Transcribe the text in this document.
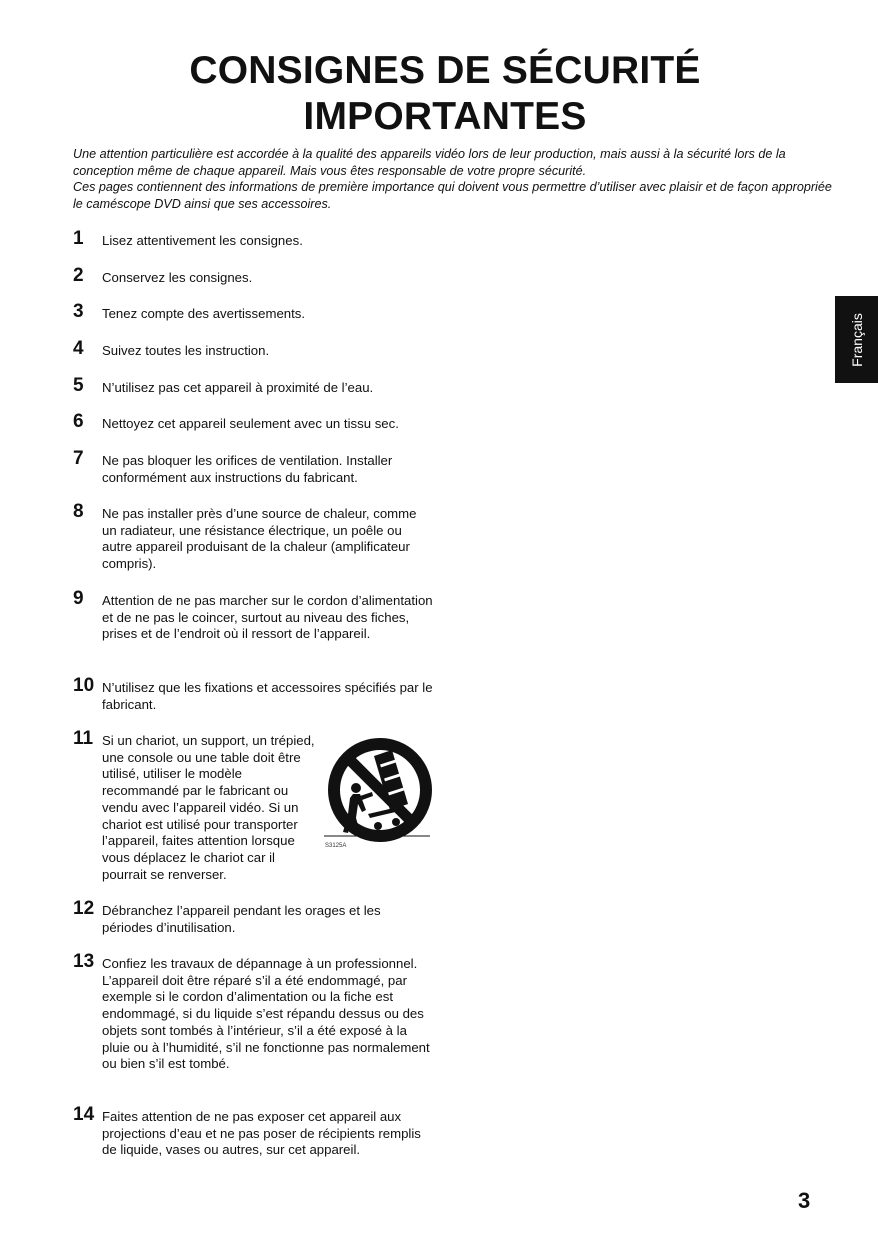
CONSIGNES DE SÉCURITÉ
IMPORTANTES

Une attention particulière est accordée à la qualité des appareils vidéo lors de leur production, mais aussi à la sécurité lors de la conception même de chaque appareil. Mais vous êtes responsable de votre propre sécurité.

Ces pages contiennent des informations de première importance qui doivent vous permettre d’utiliser avec plaisir et de façon appropriée le caméscope DVD ainsi que ses accessoires.

1 Lisez attentivement les consignes.
2 Conservez les consignes.
3 Tenez compte des avertissements.
4 Suivez toutes les instruction.
5 N’utilisez pas cet appareil à proximité de l’eau.
6 Nettoyez cet appareil seulement avec un tissu sec.
7 Ne pas bloquer les orifices de ventilation. Installer conformément aux instructions du fabricant.
8 Ne pas installer près d’une source de chaleur, comme un radiateur, une résistance électrique, un poêle ou autre appareil produisant de la chaleur (amplificateur compris).
9 Attention de ne pas marcher sur le cordon d’alimentation et de ne pas le coincer, surtout au niveau des fiches, prises et de l’endroit où il ressort de l’appareil.
10 N’utilisez que les fixations et accessoires spécifiés par le fabricant.
11 Si un chariot, un support, un trépied, une console ou une table doit être utilisé, utiliser le modèle recommandé par le fabricant ou vendu avec l’appareil vidéo. Si un chariot est utilisé pour transporter l’appareil, faites attention lorsque vous déplacez le chariot car il pourrait se renverser.
12 Débranchez l’appareil pendant les orages et les périodes d’inutilisation.
13 Confiez les travaux de dépannage à un professionnel. L’appareil doit être réparé s’il a été endommagé, par exemple si le cordon d’alimentation ou la fiche est endommagé, si du liquide s’est répandu dessus ou des objets sont tombés à l’intérieur, s’il a été exposé à la pluie ou à l’humidité, s’il ne fonctionne pas normalement ou bien s’il est tombé.
14 Faites attention de ne pas exposer cet appareil aux projections d’eau et ne pas poser de récipients remplis de liquide, vases ou autres, sur cet appareil.
S3125A
Français
3
